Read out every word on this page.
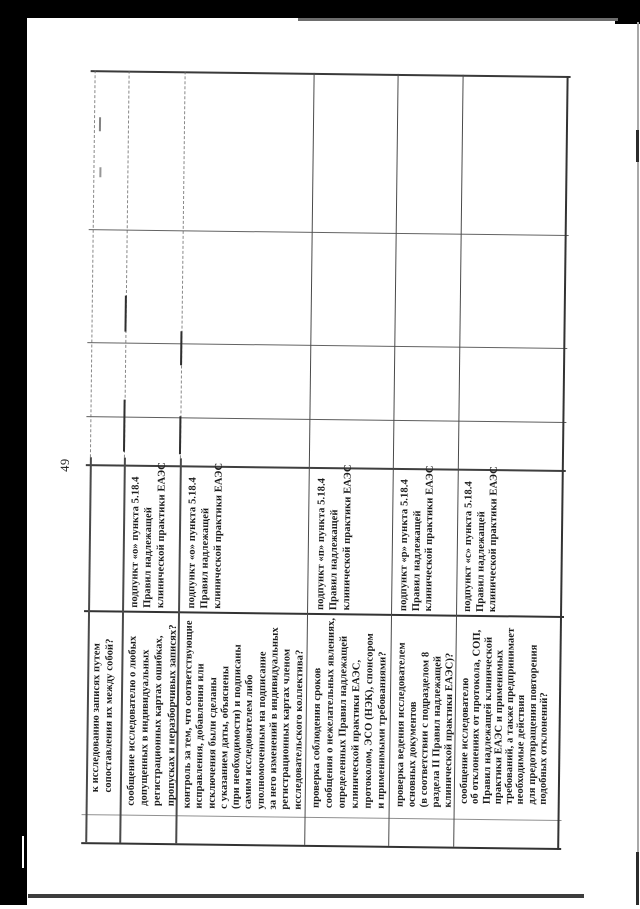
49
к исследованию записях путем
сопоставления их между собой? сообщение исследователю о любых
допущенных в индивидуальных
регистрационных картах ошибках,
пропусках и неразборчивых записях? контроль за тем, что соответствующие
исправления, добавления или
исключения были сделаны
с указанием даты, объяснены
(при необходимости) и подписаны
самим исследователем либо
уполномоченным на подписание
за него изменений в индивидуальных
регистрационных картах членом
исследовательского коллектива? проверка соблюдения сроков
сообщения о нежелательных явлениях,
определенных Правил надлежащей
клинической практики ЕАЭС,
протоколом, ЭСО (НЭК), спонсором
и применимыми требованиями? проверка ведения исследователем
основных документов
(в соответствии с подразделом 8
раздела II Правил надлежащей
клинической практики ЕАЭС)? сообщение исследователю
об отклонениях от протокола, СОП,
Правил надлежащей клинической
практики ЕАЭС и применимых
требований, а также предпринимает
необходимые действия
для предотвращения повторения
подобных отклонений?
подпункт «о» пункта 5.18.4
Правил надлежащей
клинической практики ЕАЭС подпункт «о» пункта 5.18.4
Правил надлежащей
клинической практики ЕАЭС	подпункт «п» пункта 5.18.4
Правил надлежащей
клинической практики ЕАЭС	подпункт «р» пункта 5.18.4
Правил надлежащей
клинической практики ЕАЭС подпункт «с» пункта 5.18.4
Правил надлежащей
клинической практики ЕАЭС
